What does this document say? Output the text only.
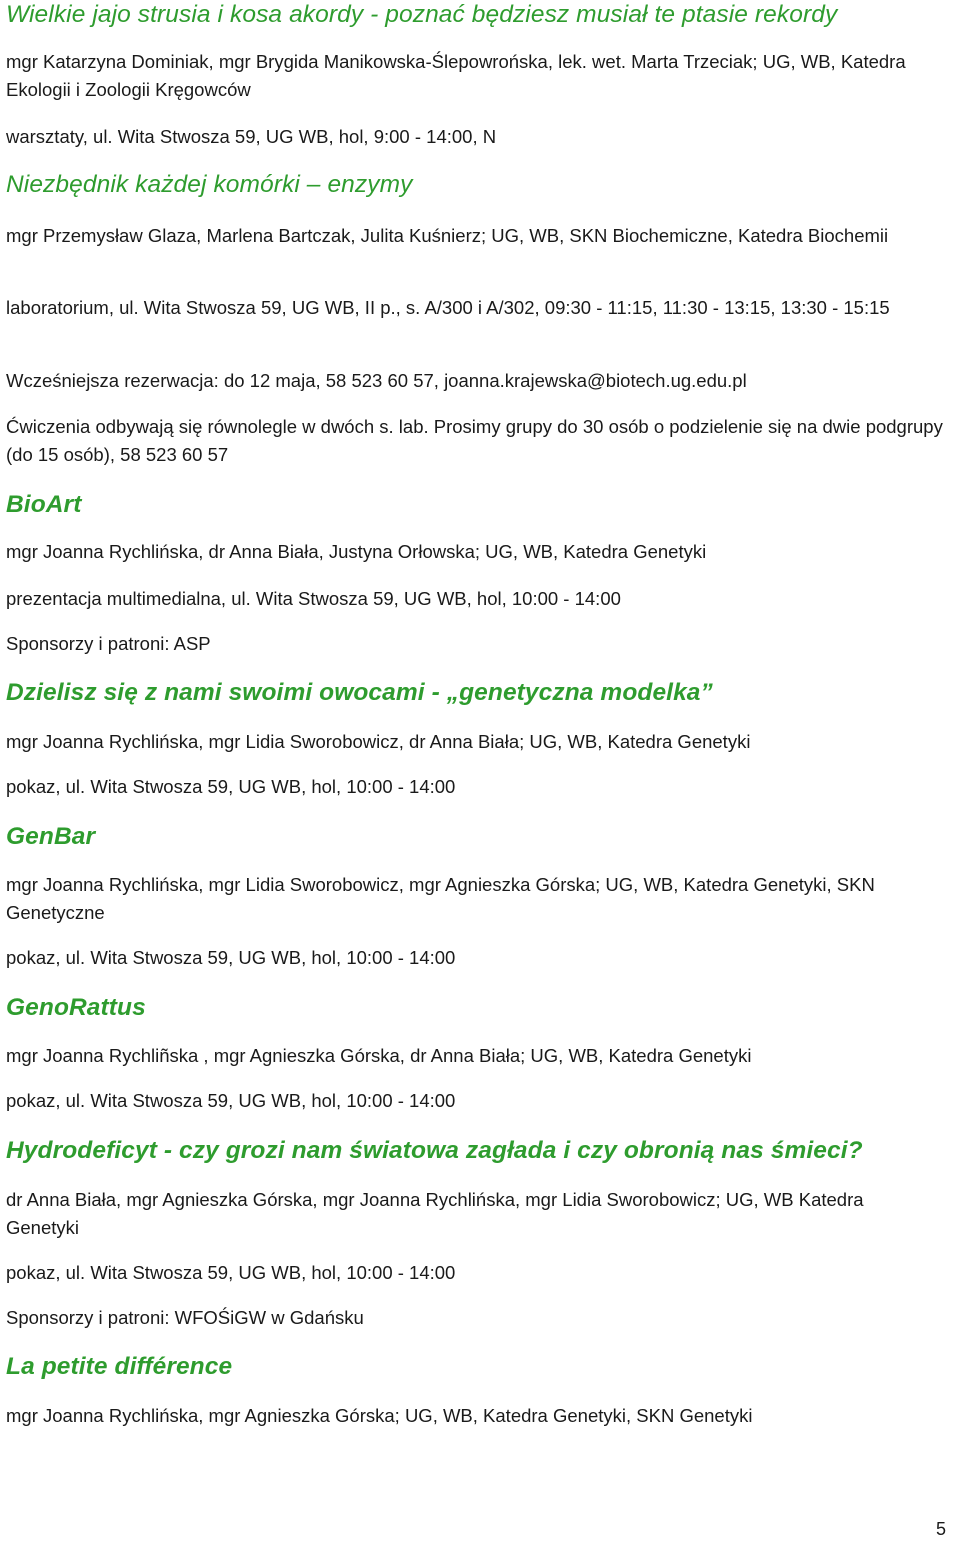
Wielkie jajo strusia i kosa akordy - poznać będziesz musiał te ptasie rekordy

mgr Katarzyna Dominiak, mgr Brygida Manikowska-Ślepowrońska, lek. wet. Marta Trzeciak; UG, WB, Katedra Ekologii i Zoologii Kręgowców

warsztaty, ul. Wita Stwosza 59, UG WB, hol, 9:00 - 14:00, N

Niezbędnik każdej komórki – enzymy

mgr Przemysław Glaza, Marlena Bartczak, Julita Kuśnierz; UG, WB, SKN Biochemiczne, Katedra Biochemii

laboratorium, ul. Wita Stwosza 59, UG WB, II p., s. A/300 i A/302, 09:30 - 11:15, 11:30 - 13:15, 13:30 - 15:15

Wcześniejsza rezerwacja: do 12 maja, 58 523 60 57, joanna.krajewska@biotech.ug.edu.pl

Ćwiczenia odbywają się równolegle w dwóch s. lab. Prosimy grupy do 30 osób o podzielenie się na dwie podgrupy (do 15 osób), 58 523 60 57

BioArt

mgr Joanna Rychlińska, dr Anna Biała, Justyna Orłowska; UG, WB, Katedra Genetyki

prezentacja multimedialna, ul. Wita Stwosza 59, UG WB, hol, 10:00 - 14:00

Sponsorzy i patroni: ASP

Dzielisz się z nami swoimi owocami - „genetyczna modelka”

mgr Joanna Rychlińska, mgr Lidia Sworobowicz, dr Anna Biała; UG, WB, Katedra Genetyki

pokaz, ul. Wita Stwosza 59, UG WB, hol, 10:00 - 14:00

GenBar

mgr Joanna Rychlińska, mgr Lidia Sworobowicz, mgr Agnieszka Górska; UG, WB, Katedra Genetyki, SKN Genetyczne

pokaz, ul. Wita Stwosza 59, UG WB, hol, 10:00 - 14:00

GenoRattus

mgr Joanna Rychliñska , mgr Agnieszka Górska, dr Anna Biała; UG, WB, Katedra Genetyki

pokaz, ul. Wita Stwosza 59, UG WB, hol, 10:00 - 14:00

Hydrodeficyt - czy grozi nam światowa zagłada i czy obronią nas śmieci?

dr Anna Biała, mgr Agnieszka Górska, mgr Joanna Rychlińska, mgr Lidia Sworobowicz; UG, WB Katedra Genetyki

pokaz, ul. Wita Stwosza 59, UG WB, hol, 10:00 - 14:00

Sponsorzy i patroni: WFOŚiGW w Gdańsku

La petite différence

mgr Joanna Rychlińska, mgr Agnieszka Górska; UG, WB, Katedra Genetyki, SKN Genetyki

5
